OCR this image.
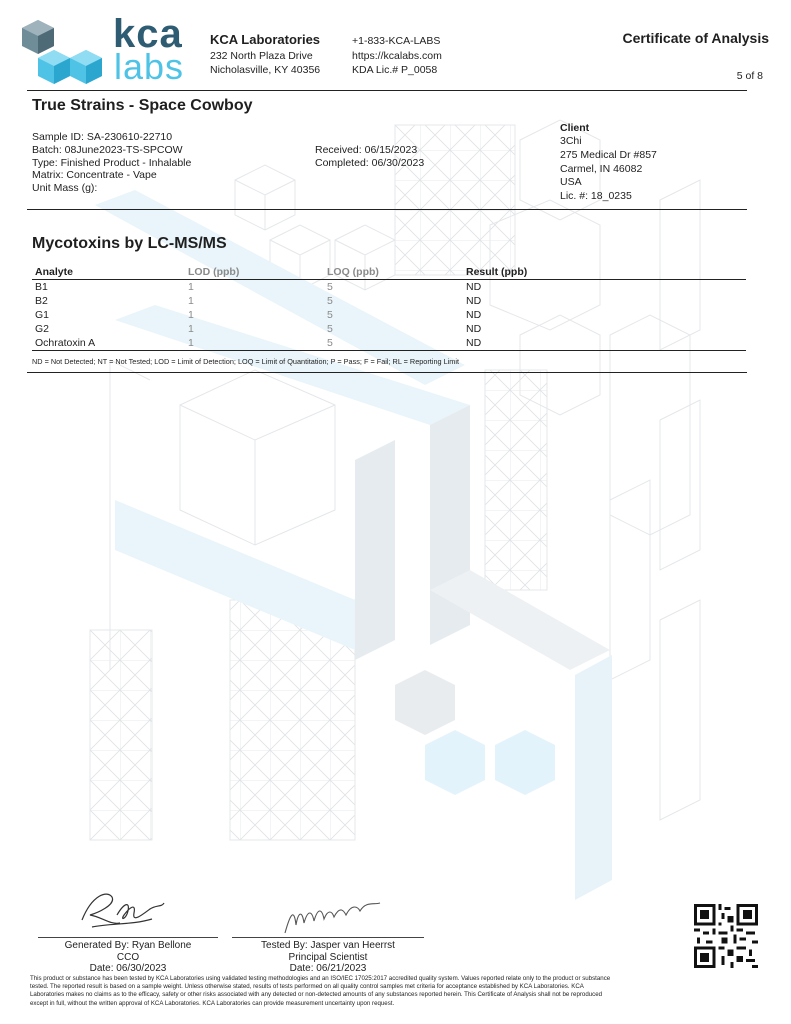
kca
labs
KCA Laboratories
232 North Plaza Drive
Nicholasville, KY 40356
+1-833-KCA-LABS
https://kcalabs.com
KDA Lic.# P_0058
Certificate of Analysis
5 of 8
True Strains - Space Cowboy
Sample ID: SA-230610-22710
Batch: 08June2023-TS-SPCOW
Type: Finished Product - Inhalable
Matrix: Concentrate - Vape
Unit Mass (g):
Received: 06/15/2023
Completed: 06/30/2023
Client
3Chi
275 Medical Dr #857
Carmel, IN 46082
USA
Lic. #: 18_0235
Mycotoxins by LC-MS/MS
Analyte	LOD (ppb)	LOQ (ppb)	Result (ppb)
B1	1	5	ND
B2	1	5	ND
G1	1	5	ND
G2	1	5	ND
Ochratoxin A	1	5	ND
ND = Not Detected; NT = Not Tested; LOD = Limit of Detection; LOQ = Limit of Quantitation; P = Pass; F = Fail; RL = Reporting Limit
Generated By: Ryan Bellone
CCO
Date: 06/30/2023
Tested By: Jasper van Heerrst
Principal Scientist
Date: 06/21/2023
This product or substance has been tested by KCA Laboratories using validated testing methodologies and an ISO/IEC 17025:2017 accredited quality system. Values reported relate only to the product or substance
tested. The reported result is based on a sample weight. Unless otherwise stated, results of tests performed on all quality control samples met criteria for acceptance established by KCA Laboratories. KCA
Laboratories makes no claims as to the efficacy, safety or other risks associated with any detected or non-detected amounts of any substances reported herein. This Certificate of Analysis shall not be reproduced
except in full, without the written approval of KCA Laboratories. KCA Laboratories can provide measurement uncertainty upon request.
